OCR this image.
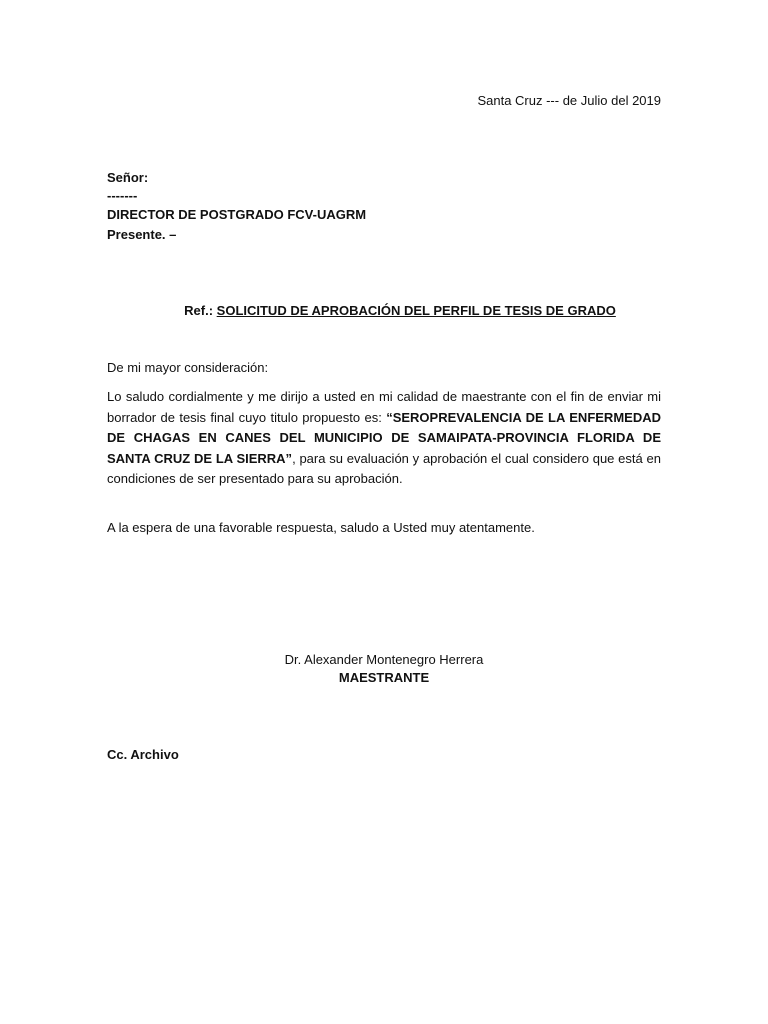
Santa Cruz --- de Julio del 2019
Señor:
-------
DIRECTOR DE POSTGRADO FCV-UAGRM
Presente. –
Ref.: SOLICITUD DE APROBACIÓN DEL PERFIL DE TESIS DE GRADO
De mi mayor consideración:
Lo saludo cordialmente y me dirijo a usted en mi calidad de maestrante con el fin de enviar mi borrador de tesis final cuyo titulo propuesto es: “SEROPREVALENCIA DE LA ENFERMEDAD DE CHAGAS EN CANES DEL MUNICIPIO DE SAMAIPATA-PROVINCIA FLORIDA DE SANTA CRUZ DE LA SIERRA”, para su evaluación y aprobación el cual considero que está en condiciones de ser presentado para su aprobación.
A la espera de una favorable respuesta, saludo a Usted muy atentamente.
Dr. Alexander Montenegro Herrera
MAESTRANTE
Cc. Archivo
